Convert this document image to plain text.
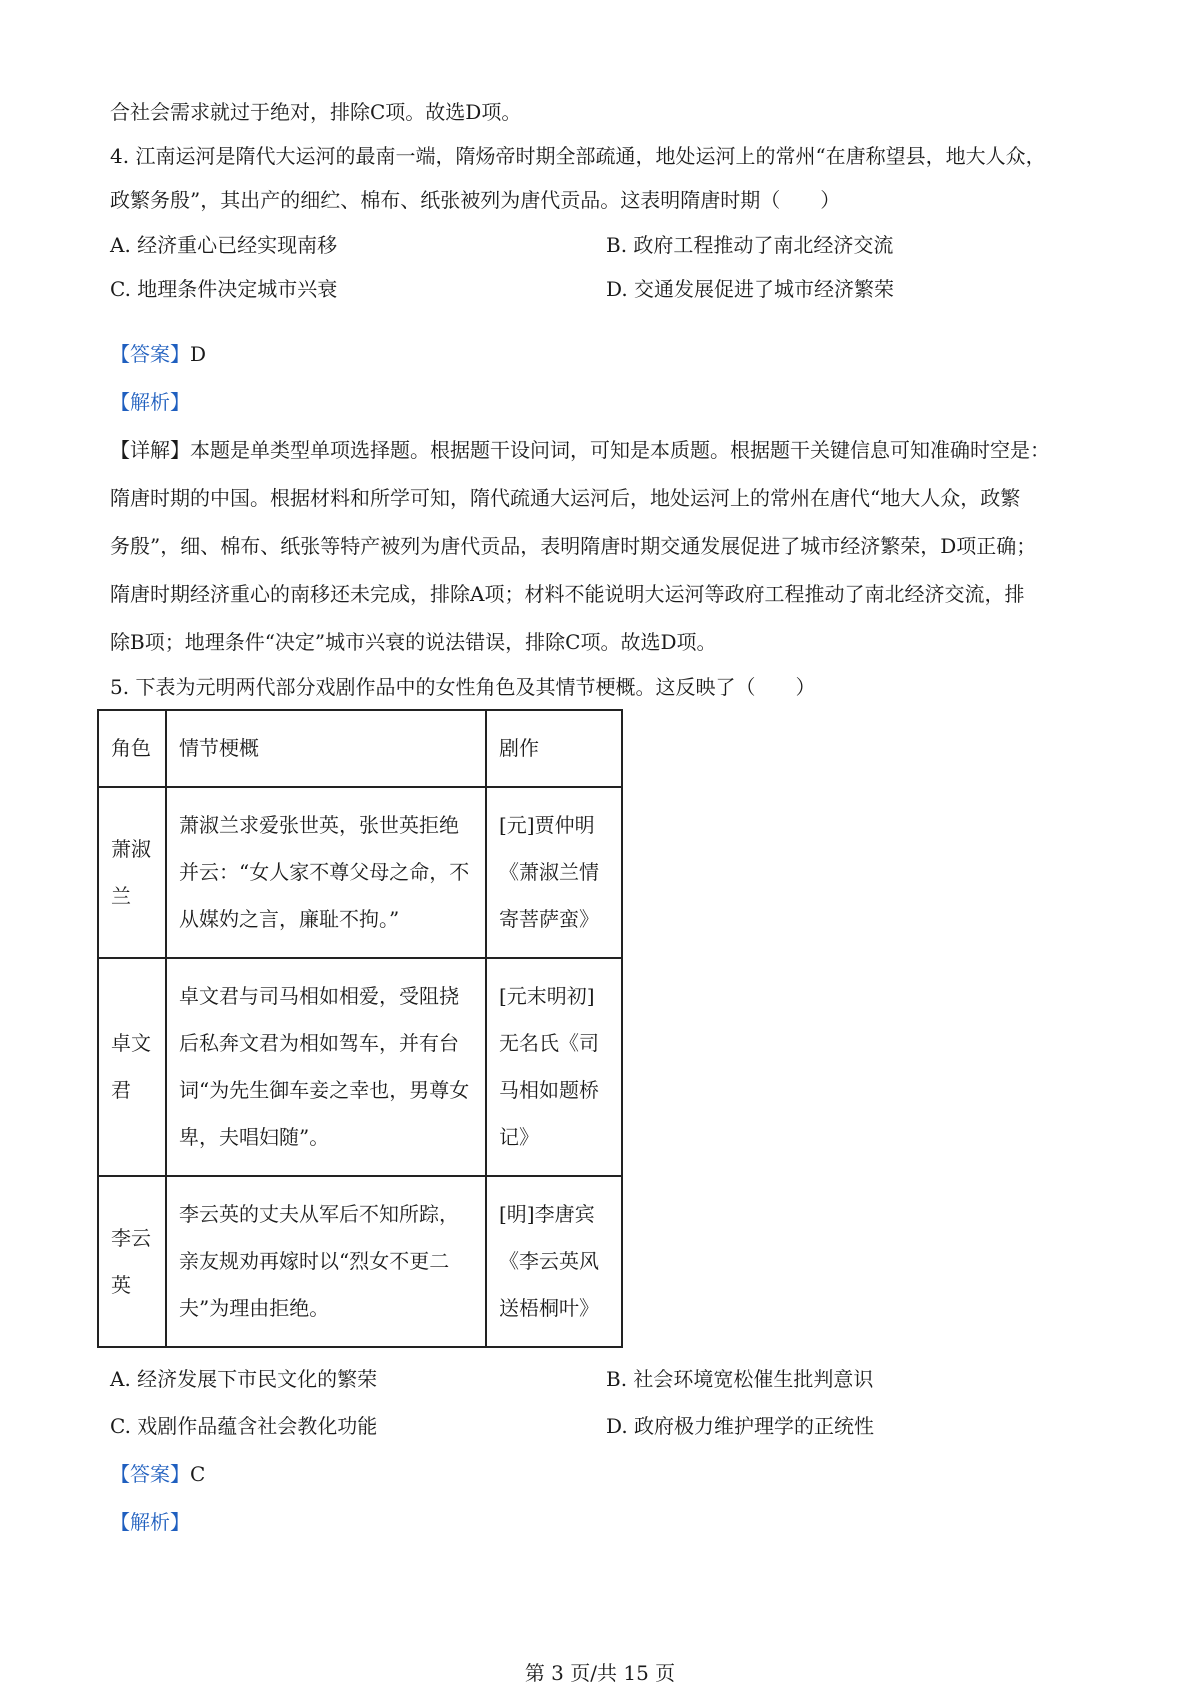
合社会需求就过于绝对，排除C项。故选D项。
4. 江南运河是隋代大运河的最南一端，隋炀帝时期全部疏通，地处运河上的常州“在唐称望县，地大人众，
政繁务殷”，其出产的细纻、棉布、纸张被列为唐代贡品。这表明隋唐时期（　　）
A. 经济重心已经实现南移	B. 政府工程推动了南北经济交流
C. 地理条件决定城市兴衰	D. 交通发展促进了城市经济繁荣
【答案】D
【解析】
【详解】本题是单类型单项选择题。根据题干设问词，可知是本质题。根据题干关键信息可知准确时空是：
隋唐时期的中国。根据材料和所学可知，隋代疏通大运河后，地处运河上的常州在唐代“地大人众，政繁
务殷”，细、棉布、纸张等特产被列为唐代贡品，表明隋唐时期交通发展促进了城市经济繁荣，D项正确；
隋唐时期经济重心的南移还未完成，排除A项；材料不能说明大运河等政府工程推动了南北经济交流，排
除B项；地理条件“决定”城市兴衰的说法错误，排除C项。故选D项。
5. 下表为元明两代部分戏剧作品中的女性角色及其情节梗概。这反映了（　　）
角色	情节梗概	剧作

萧淑兰	萧淑兰求爱张世英，张世英拒绝并云：“女人家不尊父母之命，不从媒妁之言，廉耻不拘。”	[元]贾仲明《萧淑兰情寄菩萨蛮》

卓文君	卓文君与司马相如相爱，受阻挠后私奔文君为相如驾车，并有台词“为先生御车妾之幸也，男尊女卑，夫唱妇随”。	[元末明初]无名氏《司马相如题桥记》

李云英	李云英的丈夫从军后不知所踪，亲友规劝再嫁时以“烈女不更二夫”为理由拒绝。	[明]李唐宾《李云英风送梧桐叶》
A. 经济发展下市民文化的繁荣	B. 社会环境宽松催生批判意识
C. 戏剧作品蕴含社会教化功能	D. 政府极力维护理学的正统性
【答案】C
【解析】
第 3 页/共 15 页
